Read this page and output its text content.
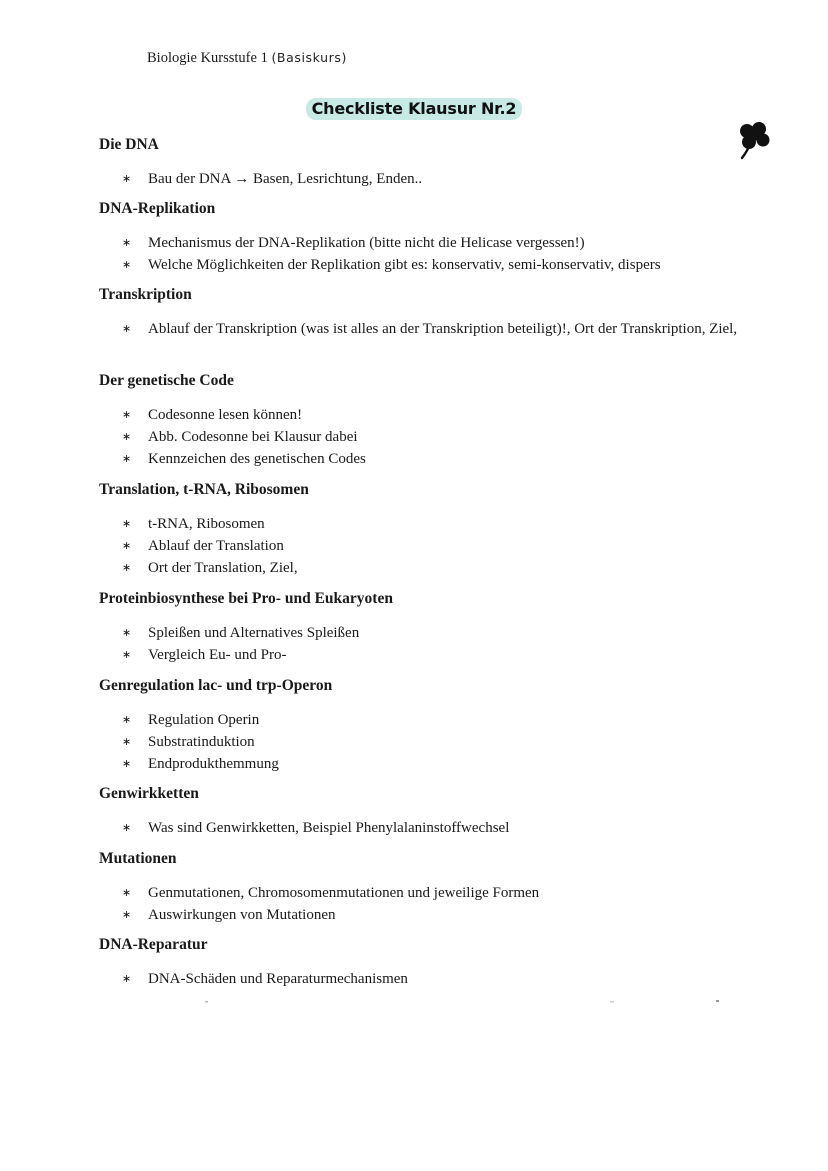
Biologie Kursstufe 1 (Basiskurs)
Checkliste Klausur Nr.2
Die DNA
∗ Bau der DNA → Basen, Lesrichtung, Enden..
DNA-Replikation
∗ Mechanismus der DNA-Replikation (bitte nicht die Helicase vergessen!)
∗ Welche Möglichkeiten der Replikation gibt es: konservativ, semi-konservativ, dispers
Transkription
∗ Ablauf der Transkription (was ist alles an der Transkription beteiligt)!, Ort der Transkription, Ziel,
Der genetische Code
∗ Codesonne lesen können!
∗ Abb. Codesonne bei Klausur dabei
∗ Kennzeichen des genetischen Codes
Translation, t-RNA, Ribosomen
∗ t-RNA, Ribosomen
∗ Ablauf der Translation
∗ Ort der Translation, Ziel,
Proteinbiosynthese bei Pro- und Eukaryoten
∗ Spleißen und Alternatives Spleißen
∗ Vergleich Eu- und Pro-
Genregulation lac- und trp-Operon
∗ Regulation Operin
∗ Substratinduktion
∗ Endprodukthemmung
Genwirkketten
∗ Was sind Genwirkketten, Beispiel Phenylalaninstoffwechsel
Mutationen
∗ Genmutationen, Chromosomenmutationen und jeweilige Formen
∗ Auswirkungen von Mutationen
DNA-Reparatur
∗ DNA-Schäden und Reparaturmechanismen
